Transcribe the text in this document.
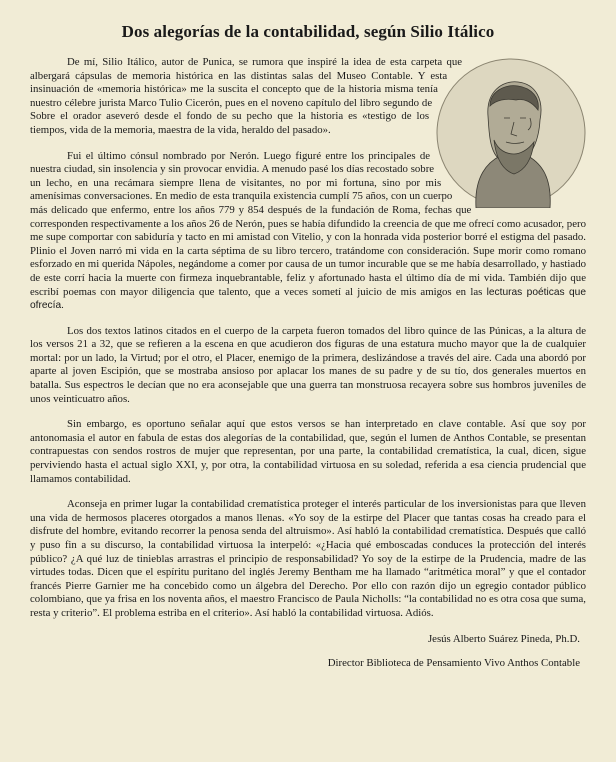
Dos alegorías de la contabilidad, según Silio Itálico

De mí, Silio Itálico, autor de Punica, se rumora que inspiré la idea de esta carpeta que albergará cápsulas de memoria histórica en las distintas salas del Museo Contable. Y esta insinuación de «memoria histórica» me la suscita el concepto que de la historia misma tenía nuestro célebre jurista Marco Tulio Cicerón, pues en el noveno capítulo del libro segundo de Sobre el orador aseveró desde el fondo de su pecho que la historia es «testigo de los tiempos, vida de la memoria, maestra de la vida, heraldo del pasado».

Fui el último cónsul nombrado por Nerón. Luego figuré entre los principales de nuestra ciudad, sin insolencia y sin provocar envidia. A menudo pasé los días recostado sobre un lecho, en una recámara siempre llena de visitantes, no por mi fortuna, sino por mis amenísimas conversaciones. En medio de esta tranquila existencia cumplí 75 años, con un cuerpo más delicado que enfermo, entre los años 779 y 854 después de la fundación de Roma, fechas que corresponden respectivamente a los años 26 de Nerón, pues se había difundido la creencia de que me ofrecí como acusador, pero me supe comportar con sabiduría y tacto en mi amistad con Vitelio, y con la honrada vida posterior borré el estigma del pasado. Plinio el Joven narró mi vida en la carta séptima de su libro tercero, tratándome con consideración. Supe morir como romano esforzado en mi querida Nápoles, negándome a comer por causa de un tumor incurable que se me había desarrollado, y hastiado de este corrí hacia la muerte con firmeza inquebrantable, feliz y afortunado hasta el último día de mi vida. También dijo que escribí poemas con mayor diligencia que talento, que a veces sometí al juicio de mis amigos en las lecturas poéticas que ofrecía.

Los dos textos latinos citados en el cuerpo de la carpeta fueron tomados del libro quince de las Púnicas, a la altura de los versos 21 a 32, que se refieren a la escena en que acudieron dos figuras de una estatura mucho mayor que la de cualquier mortal: por un lado, la Virtud; por el otro, el Placer, enemigo de la primera, deslizándose a través del aire. Cada una abordó por aparte al joven Escipión, que se mostraba ansioso por aplacar los manes de su padre y de su tío, dos generales muertos en batalla. Sus espectros le decían que no era aconsejable que una guerra tan monstruosa recayera sobre sus hombros juveniles de unos veinticuatro años.

Sin embargo, es oportuno señalar aquí que estos versos se han interpretado en clave contable. Así que soy por antonomasia el autor en fabula de estas dos alegorías de la contabilidad, que, según el lumen de Anthos Contable, se presentan contrapuestas con sendos rostros de mujer que representan, por una parte, la contabilidad crematística, la cual, dicen, sigue perviviendo hasta el actual siglo XXI, y, por otra, la contabilidad virtuosa en su soledad, referida a esa ciencia prudencial que llamamos contabilidad.

Aconseja en primer lugar la contabilidad crematística proteger el interés particular de los inversionistas para que lleven una vida de hermosos placeres otorgados a manos llenas. «Yo soy de la estirpe del Placer que tantas cosas ha creado para el disfrute del hombre, evitando recorrer la penosa senda del altruismo». Así habló la contabilidad crematística. Después que calló y puso fin a su discurso, la contabilidad virtuosa la interpeló: «¿Hacia qué emboscadas conduces la protección del interés público? ¿A qué luz de tinieblas arrastras el principio de responsabilidad? Yo soy de la estirpe de la Prudencia, madre de las virtudes todas. Dicen que el espíritu puritano del inglés Jeremy Bentham me ha llamado “aritmética moral” y que el contador francés Pierre Garnier me ha concebido como un álgebra del Derecho. Por ello con razón dijo un egregio contador público colombiano, que ya frisa en los noventa años, el maestro Francisco de Paula Nicholls: “la contabilidad no es otra cosa que suma, resta y criterio”. El problema estriba en el criterio». Así habló la contabilidad virtuosa. Adiós.

Jesús Alberto Suárez Pineda, Ph.D.
Director Biblioteca de Pensamiento Vivo Anthos Contable
